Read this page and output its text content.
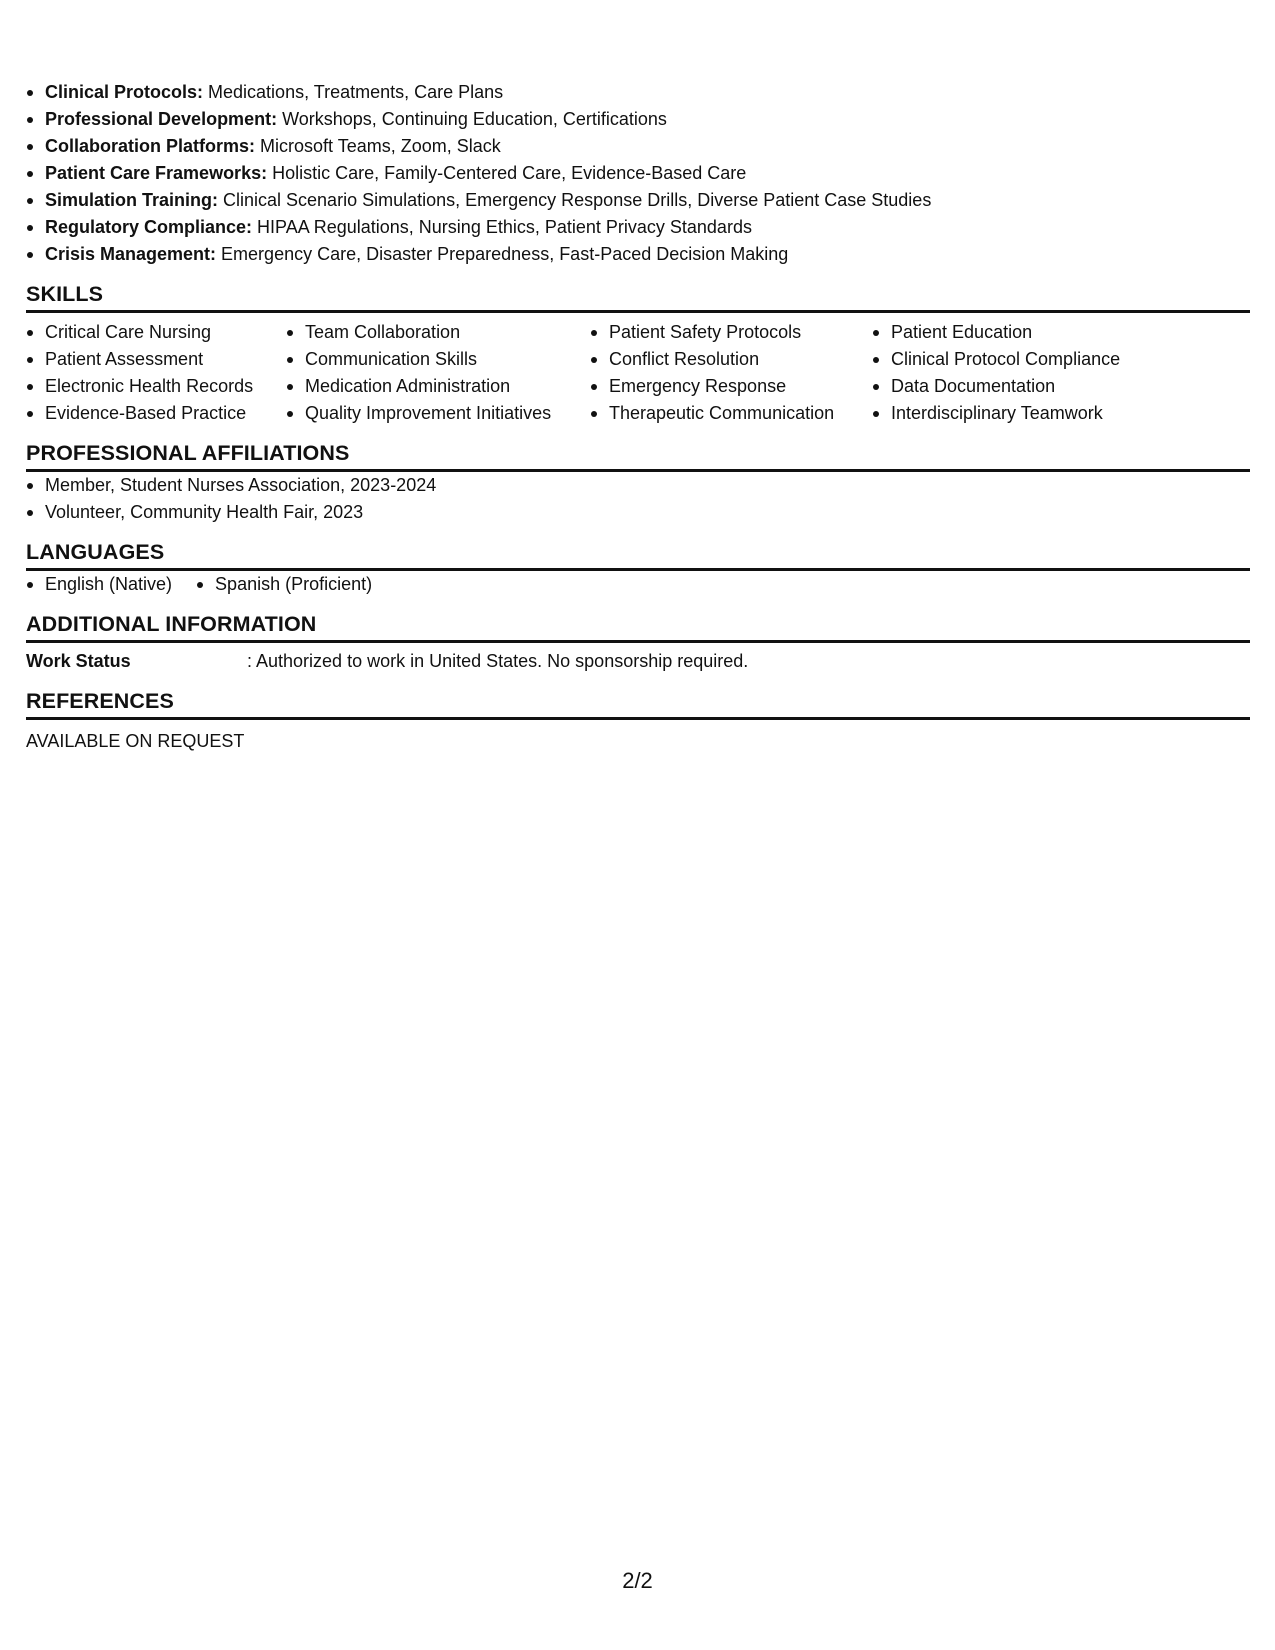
Clinical Protocols: Medications, Treatments, Care Plans
Professional Development: Workshops, Continuing Education, Certifications
Collaboration Platforms: Microsoft Teams, Zoom, Slack
Patient Care Frameworks: Holistic Care, Family-Centered Care, Evidence-Based Care
Simulation Training: Clinical Scenario Simulations, Emergency Response Drills, Diverse Patient Case Studies
Regulatory Compliance: HIPAA Regulations, Nursing Ethics, Patient Privacy Standards
Crisis Management: Emergency Care, Disaster Preparedness, Fast-Paced Decision Making
SKILLS
Critical Care Nursing
Patient Assessment
Electronic Health Records
Evidence-Based Practice
Team Collaboration
Communication Skills
Medication Administration
Quality Improvement Initiatives
Patient Safety Protocols
Conflict Resolution
Emergency Response
Therapeutic Communication
Patient Education
Clinical Protocol Compliance
Data Documentation
Interdisciplinary Teamwork
PROFESSIONAL AFFILIATIONS
Member, Student Nurses Association, 2023-2024
Volunteer, Community Health Fair, 2023
LANGUAGES
English (Native)	Spanish (Proficient)
ADDITIONAL INFORMATION
Work Status	: Authorized to work in United States. No sponsorship required.
REFERENCES
AVAILABLE ON REQUEST
2/2
